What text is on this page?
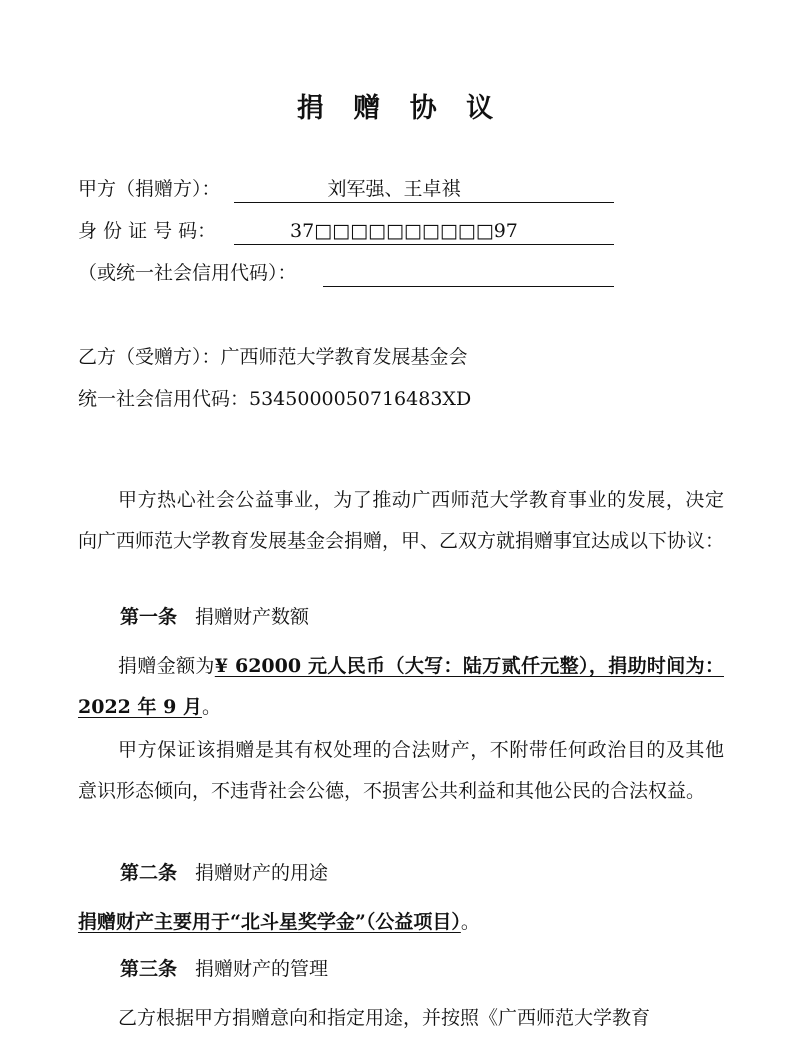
捐 赠 协 议
甲方（捐赠方）：	刘军强、王卓祺
身 份 证 号 码：	37□□□□□□□□□□97
（或统一社会信用代码）：
乙方（受赠方）：广西师范大学教育发展基金会
统一社会信用代码：5345000050716483XD
甲方热心社会公益事业，为了推动广西师范大学教育事业的发展，决定向广西师范大学教育发展基金会捐赠，甲、乙双方就捐赠事宜达成以下协议：
第一条 捐赠财产数额
捐赠金额为¥ 62000 元人民币（大写：陆万贰仟元整），捐助时间为： 2022 年 9 月。
甲方保证该捐赠是其有权处理的合法财产，不附带任何政治目的及其他意识形态倾向，不违背社会公德，不损害公共利益和其他公民的合法权益。
第二条 捐赠财产的用途
捐赠财产主要用于“北斗星奖学金”（公益项目）。
第三条 捐赠财产的管理
乙方根据甲方捐赠意向和指定用途，并按照《广西师范大学教育
